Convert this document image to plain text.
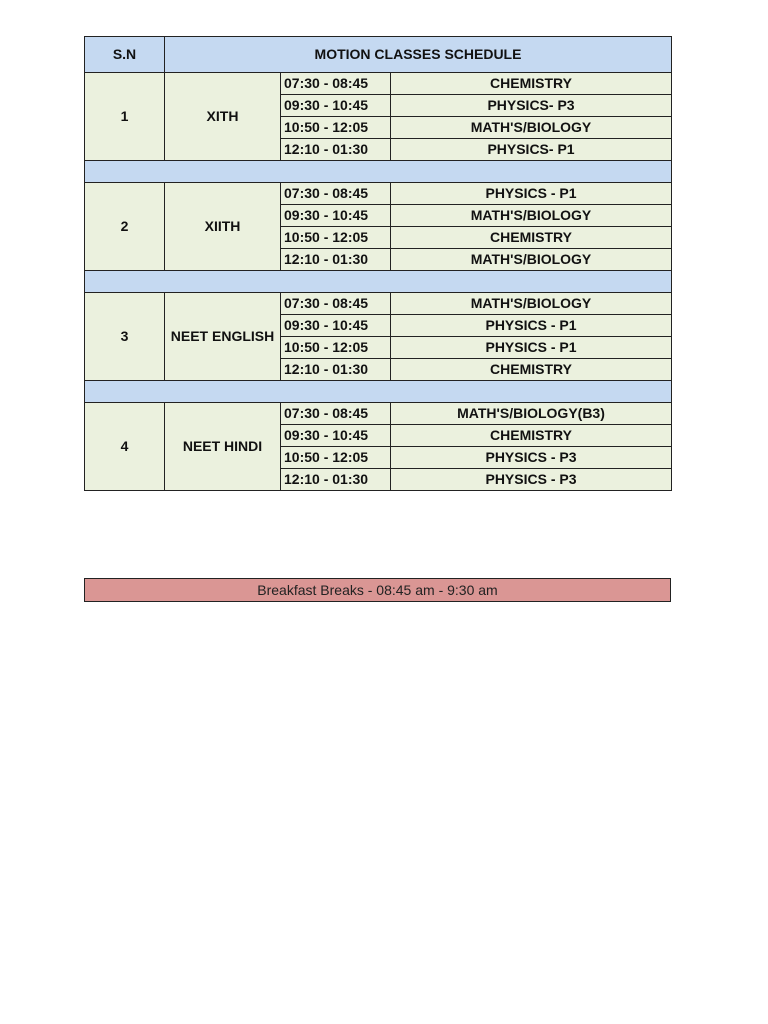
S.N	MOTION CLASSES SCHEDULE		
1	XITH	07:30 - 08:45	CHEMISTRY
		09:30 - 10:45	PHYSICS- P3
		10:50 - 12:05	MATH'S/BIOLOGY
		12:10 - 01:30	PHYSICS- P1

2	XIITH	07:30 - 08:45	PHYSICS - P1
		09:30 - 10:45	MATH'S/BIOLOGY
		10:50 - 12:05	CHEMISTRY
		12:10 - 01:30	MATH'S/BIOLOGY

3	NEET ENGLISH	07:30 - 08:45	MATH'S/BIOLOGY
		09:30 - 10:45	PHYSICS - P1
		10:50 - 12:05	PHYSICS - P1
		12:10 - 01:30	CHEMISTRY

4	NEET HINDI	07:30 - 08:45	MATH'S/BIOLOGY(B3)
		09:30 - 10:45	CHEMISTRY
		10:50 - 12:05	PHYSICS - P3
		12:10 - 01:30	PHYSICS - P3
Breakfast Breaks - 08:45 am - 9:30 am
